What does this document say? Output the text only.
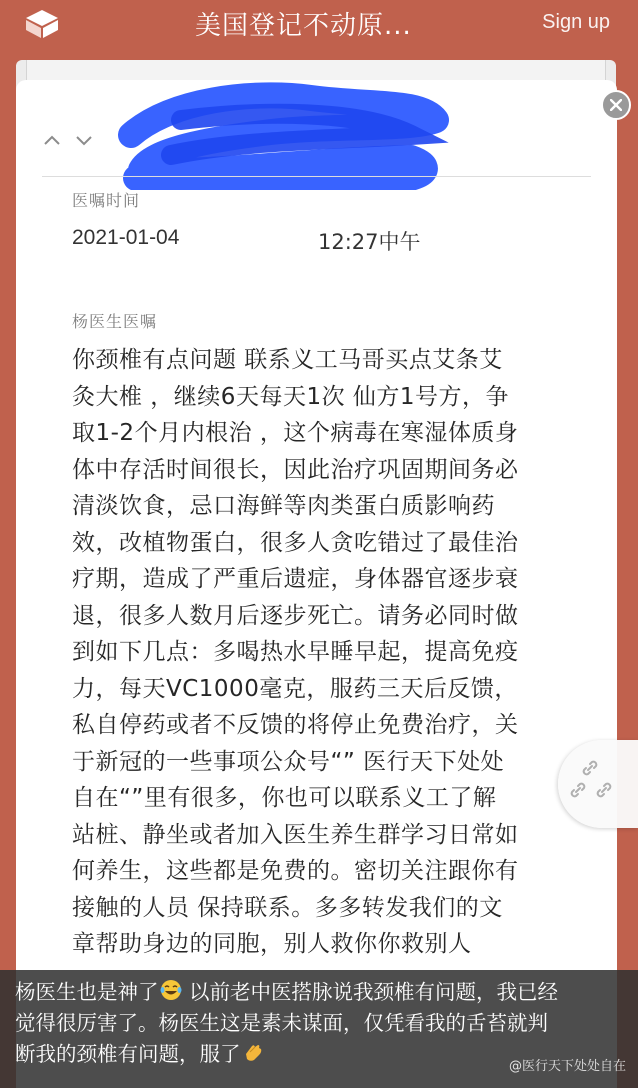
美国登记不动原...	Sign up
医嘱时间
2021-01-04	12:27中午
杨医生医嘱
你颈椎有点问题 联系义工马哥买点艾条艾
灸大椎 ，继续6天每天1次 仙方1号方，争
取1-2个月内根治 ，这个病毒在寒湿体质身
体中存活时间很长，因此治疗巩固期间务必
清淡饮食，忌口海鲜等肉类蛋白质影响药
效，改植物蛋白，很多人贪吃错过了最佳治
疗期，造成了严重后遗症，身体器官逐步衰
退，很多人数月后逐步死亡。请务必同时做
到如下几点：多喝热水早睡早起，提高免疫
力，每天VC1000毫克，服药三天后反馈，
私自停药或者不反馈的将停止免费治疗，关
于新冠的一些事项公众号“” 医行天下处处
自在“”里有很多，你也可以联系义工了解
站桩、静坐或者加入医生养生群学习日常如
何养生，这些都是免费的。密切关注跟你有
接触的人员 保持联系。多多转发我们的文
章帮助身边的同胞，别人救你你救别人
杨医生也是神了 以前老中医搭脉说我颈椎有问题，我已经
觉得很厉害了。杨医生这是素未谋面，仅凭看我的舌苔就判
断我的颈椎有问题，服了
@医行天下处处自在
